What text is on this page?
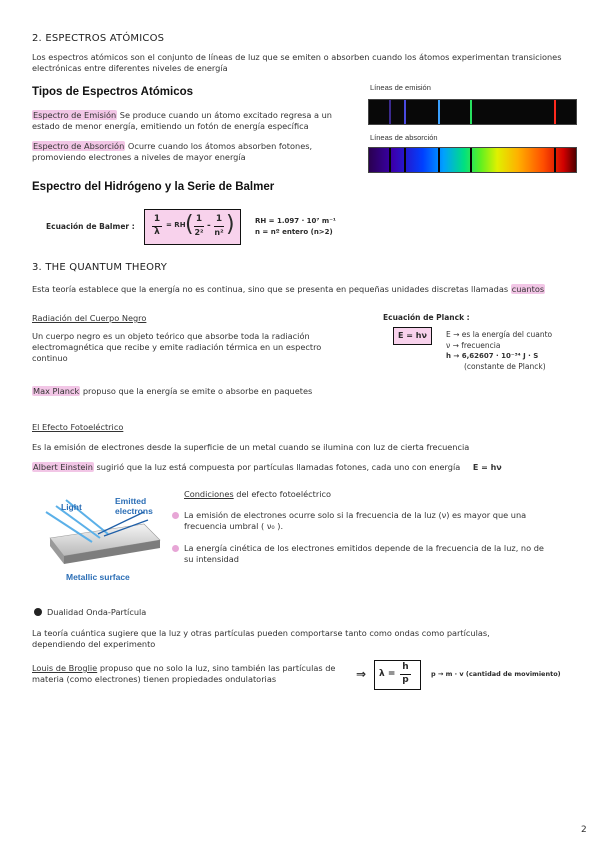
2. ESPECTROS ATÓMICOS
Los espectros atómicos son el conjunto de líneas de luz que se emiten o absorben cuando los átomos experimentan transiciones
electrónicas entre diferentes niveles de energía
Tipos de Espectros Atómicos
Espectro de Emisión Se produce cuando un átomo excitado regresa a un
estado de menor energía, emitiendo un fotón de energía específica
Espectro de Absorción Ocurre cuando los átomos absorben fotones,
promoviendo electrones a niveles de mayor energía
Líneas de emisión
Líneas de absorción
Espectro del Hidrógeno y la Serie de Balmer
Ecuación de Balmer :
1
λ
= RH ( 1
2²
-
1
n² )	RH = 1.097 · 10⁷ m⁻¹
n = nº entero (n>2)
3. THE QUANTUM THEORY
Esta teoría establece que la energía no es continua, sino que se presenta en pequeñas unidades discretas llamadas cuantos
Radiación del Cuerpo Negro
Un cuerpo negro es un objeto teórico que absorbe toda la radiación
electromagnética que recibe y emite radiación térmica en un espectro
continuo
Ecuación de Planck :
E = hν	E → es la energía del cuanto
ν → frecuencia
h → 6,62607 · 10⁻³⁴ J · S
(constante de Planck)
Max Planck propuso que la energía se emite o absorbe en paquetes
El Efecto Fotoeléctrico
Es la emisión de electrones desde la superficie de un metal cuando se ilumina con luz de cierta frecuencia
Albert Einstein sugirió que la luz está compuesta por partículas llamadas fotones, cada uno con energía E = hν
Light
Emitted
electrons
Metallic surface
Condiciones del efecto fotoeléctrico
La emisión de electrones ocurre solo si la frecuencia de la luz (ν) es mayor que una
frecuencia umbral ( ν₀ ).
La energía cinética de los electrones emitidos depende de la frecuencia de la luz, no de
su intensidad
Dualidad Onda-Partícula
La teoría cuántica sugiere que la luz y otras partículas pueden comportarse tanto como ondas como partículas,
dependiendo del experimento
Louis de Broglie propuso que no solo la luz, sino también las partículas de
materia (como electrones) tienen propiedades ondulatorias	⇒ λ =
h
p
p → m · v (cantidad de movimiento)
2
